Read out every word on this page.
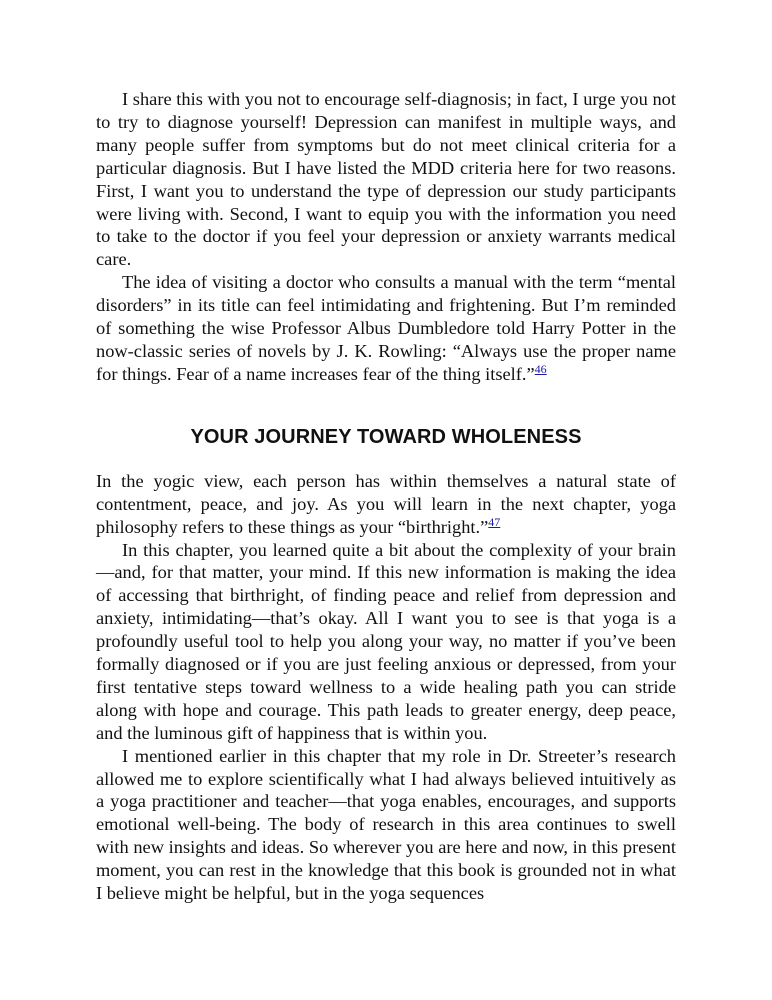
I share this with you not to encourage self-diagnosis; in fact, I urge you not to try to diagnose yourself! Depression can manifest in multiple ways, and many people suffer from symptoms but do not meet clinical criteria for a particular diagnosis. But I have listed the MDD criteria here for two reasons. First, I want you to understand the type of depression our study participants were living with. Second, I want to equip you with the information you need to take to the doctor if you feel your depression or anxiety warrants medical care.

The idea of visiting a doctor who consults a manual with the term “mental disorders” in its title can feel intimidating and frightening. But I’m reminded of something the wise Professor Albus Dumbledore told Harry Potter in the now-classic series of novels by J. K. Rowling: “Always use the proper name for things. Fear of a name increases fear of the thing itself.”$^{46}$

YOUR JOURNEY TOWARD WHOLENESS

In the yogic view, each person has within themselves a natural state of contentment, peace, and joy. As you will learn in the next chapter, yoga philosophy refers to these things as your “birthright.”$^{47}$

In this chapter, you learned quite a bit about the complexity of your brain—and, for that matter, your mind. If this new information is making the idea of accessing that birthright, of finding peace and relief from depression and anxiety, intimidating—that’s okay. All I want you to see is that yoga is a profoundly useful tool to help you along your way, no matter if you’ve been formally diagnosed or if you are just feeling anxious or depressed, from your first tentative steps toward wellness to a wide healing path you can stride along with hope and courage. This path leads to greater energy, deep peace, and the luminous gift of happiness that is within you.

I mentioned earlier in this chapter that my role in Dr. Streeter’s research allowed me to explore scientifically what I had always believed intuitively as a yoga practitioner and teacher—that yoga enables, encourages, and supports emotional well-being. The body of research in this area continues to swell with new insights and ideas. So wherever you are here and now, in this present moment, you can rest in the knowledge that this book is grounded not in what I believe might be helpful, but in the yoga sequences
